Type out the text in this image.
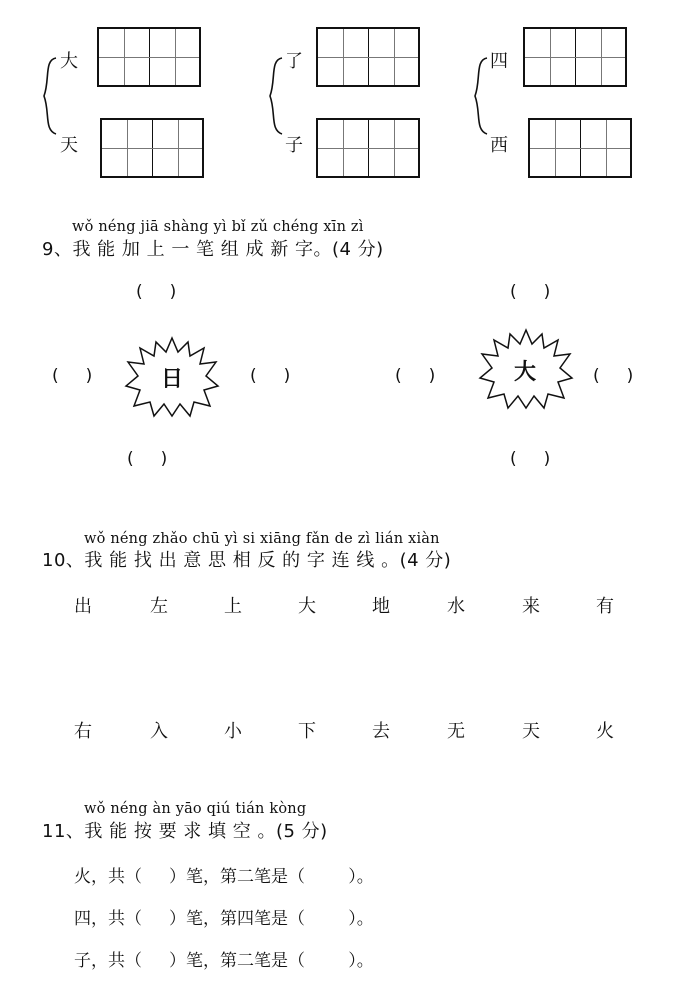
大
天
了
子
四
西
wǒ néng jiā shàng yì bǐ zǔ chéng xīn zì
9、我 能 加 上 一 笔 组 成 新 字。(4 分)
(     )
(     )	(     )
(     )
日
(     )
(     )	(     )
(     )
大
wǒ néng zhǎo chū yì si xiāng fǎn de zì lián xiàn
10、我 能 找 出 意 思 相 反 的 字 连 线 。(4 分)
出	左	上	大	地	水	来	有
右	入	小	下	去	无	天	火
wǒ néng àn yāo qiú tián kòng
11、我 能 按 要 求 填 空 。(5 分)
火，共（     ）笔，第二笔是（        ）。
四，共（     ）笔，第四笔是（        ）。
子，共（     ）笔，第二笔是（        ）。
